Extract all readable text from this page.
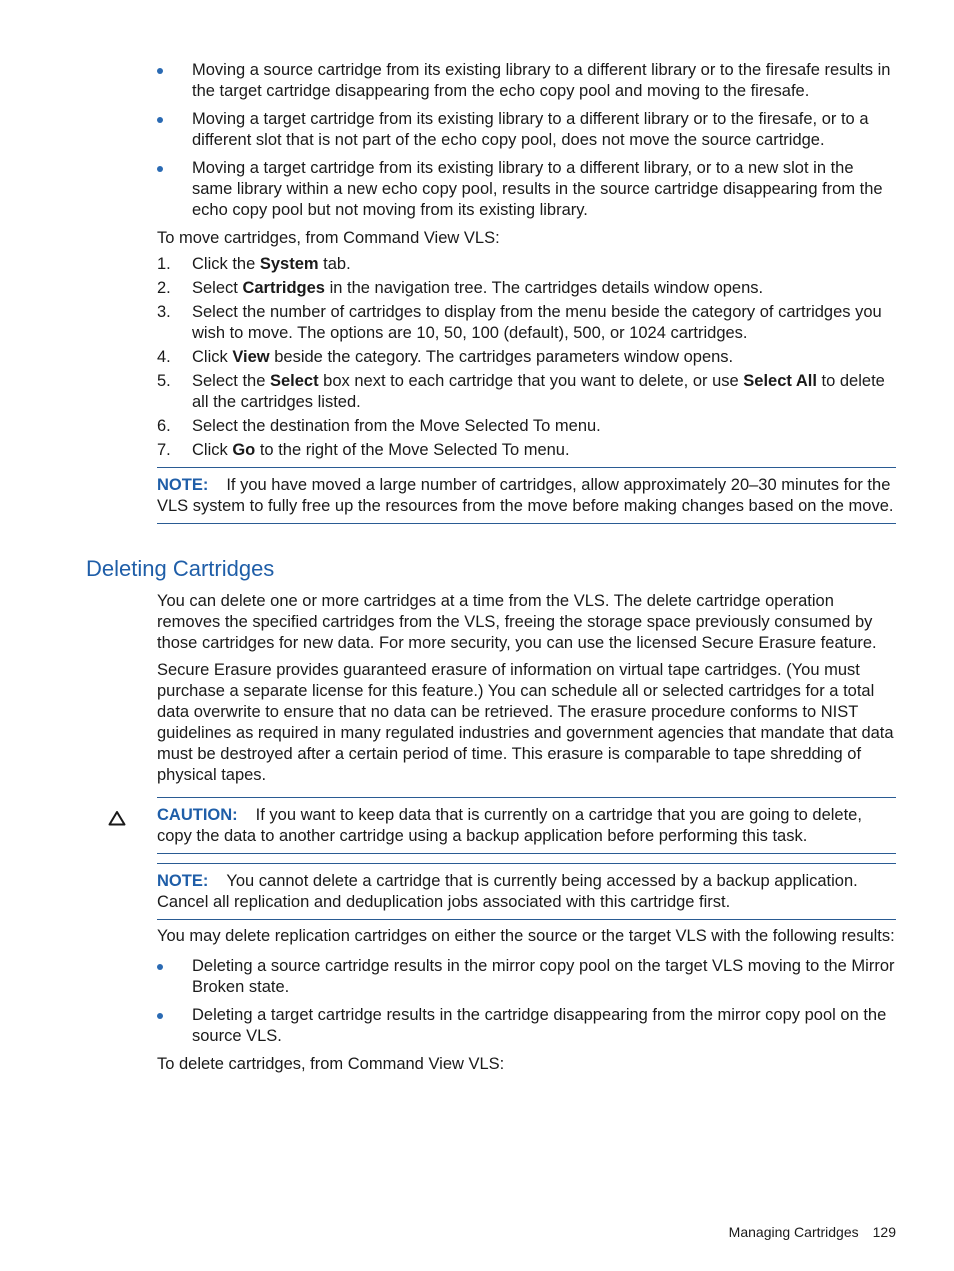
Moving a source cartridge from its existing library to a different library or to the firesafe results in the target cartridge disappearing from the echo copy pool and moving to the firesafe.
Moving a target cartridge from its existing library to a different library or to the firesafe, or to a different slot that is not part of the echo copy pool, does not move the source cartridge.
Moving a target cartridge from its existing library to a different library, or to a new slot in the same library within a new echo copy pool, results in the source cartridge disappearing from the echo copy pool but not moving from its existing library.

To move cartridges, from Command View VLS:

1. Click the System tab.
2. Select Cartridges in the navigation tree. The cartridges details window opens.
3. Select the number of cartridges to display from the menu beside the category of cartridges you wish to move. The options are 10, 50, 100 (default), 500, or 1024 cartridges.
4. Click View beside the category. The cartridges parameters window opens.
5. Select the Select box next to each cartridge that you want to delete, or use Select All to delete all the cartridges listed.
6. Select the destination from the Move Selected To menu.
7. Click Go to the right of the Move Selected To menu.
NOTE: If you have moved a large number of cartridges, allow approximately 20–30 minutes for the VLS system to fully free up the resources from the move before making changes based on the move.
Deleting Cartridges

You can delete one or more cartridges at a time from the VLS. The delete cartridge operation removes the specified cartridges from the VLS, freeing the storage space previously consumed by those cartridges for new data. For more security, you can use the licensed Secure Erasure feature.

Secure Erasure provides guaranteed erasure of information on virtual tape cartridges. (You must purchase a separate license for this feature.) You can schedule all or selected cartridges for a total data overwrite to ensure that no data can be retrieved. The erasure procedure conforms to NIST guidelines as required in many regulated industries and government agencies that mandate that data must be destroyed after a certain period of time. This erasure is comparable to tape shredding of physical tapes.

CAUTION: If you want to keep data that is currently on a cartridge that you are going to delete, copy the data to another cartridge using a backup application before performing this task.
NOTE: You cannot delete a cartridge that is currently being accessed by a backup application. Cancel all replication and deduplication jobs associated with this cartridge first.

You may delete replication cartridges on either the source or the target VLS with the following results:

Deleting a source cartridge results in the mirror copy pool on the target VLS moving to the Mirror Broken state.
Deleting a target cartridge results in the cartridge disappearing from the mirror copy pool on the source VLS.

To delete cartridges, from Command View VLS:

Managing Cartridges 129
